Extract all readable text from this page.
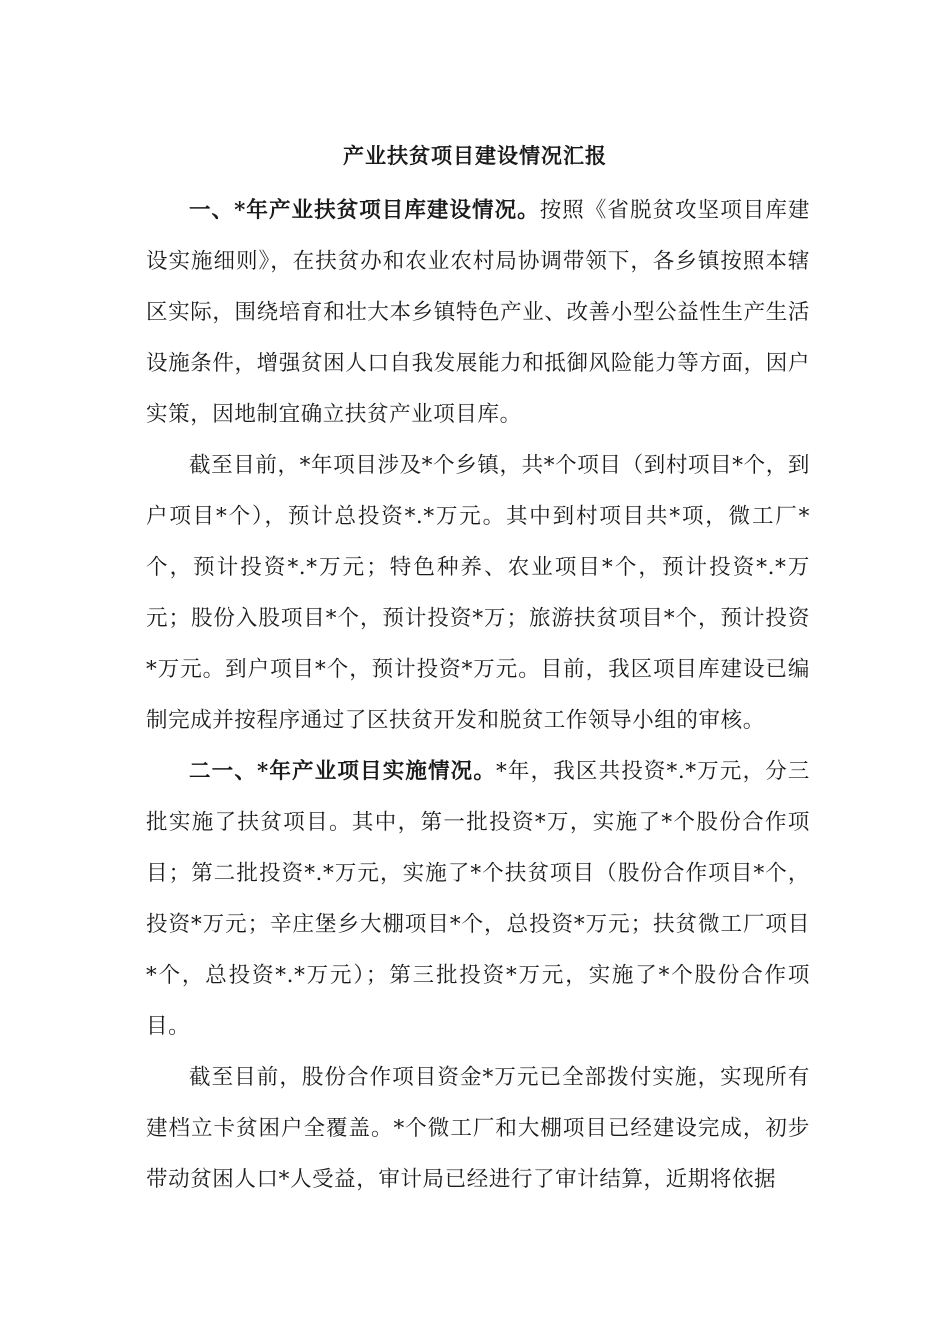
产业扶贫项目建设情况汇报

一、*年产业扶贫项目库建设情况。按照《省脱贫攻坚项目库建设实施细则》，在扶贫办和农业农村局协调带领下，各乡镇按照本辖区实际，围绕培育和壮大本乡镇特色产业、改善小型公益性生产生活设施条件，增强贫困人口自我发展能力和抵御风险能力等方面，因户实策，因地制宜确立扶贫产业项目库。

截至目前，*年项目涉及*个乡镇，共*个项目（到村项目*个，到户项目*个），预计总投资*.*万元。其中到村项目共*项，微工厂*个，预计投资*.*万元；特色种养、农业项目*个，预计投资*.*万元；股份入股项目*个，预计投资*万；旅游扶贫项目*个，预计投资*万元。到户项目*个，预计投资*万元。目前，我区项目库建设已编制完成并按程序通过了区扶贫开发和脱贫工作领导小组的审核。

二一、*年产业项目实施情况。*年，我区共投资*.*万元，分三批实施了扶贫项目。其中，第一批投资*万，实施了*个股份合作项目；第二批投资*.*万元，实施了*个扶贫项目（股份合作项目*个，投资*万元；辛庄堡乡大棚项目*个，总投资*万元；扶贫微工厂项目*个，总投资*.*万元）；第三批投资*万元，实施了*个股份合作项目。

截至目前，股份合作项目资金*万元已全部拨付实施，实现所有建档立卡贫困户全覆盖。*个微工厂和大棚项目已经建设完成，初步带动贫困人口*人受益，审计局已经进行了审计结算，近期将依据
